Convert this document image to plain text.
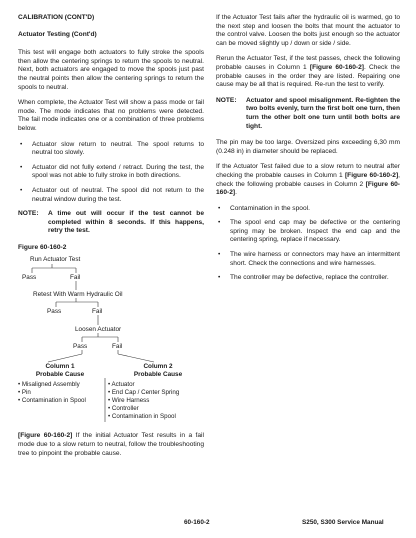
CALIBRATION (CONT'D)
Actuator Testing (Cont'd)

This test will engage both actuators to fully stroke the spools then allow the centering springs to return the spools to neutral. Next, both actuators are engaged to move the spools just past the neutral points then allow the centering springs to return the spools to neutral.

When complete, the Actuator Test will show a pass mode or fail mode. The mode indicates that no problems were detected. The fail mode indicates one or a combination of three problems below.

• Actuator slow return to neutral. The spool returns to neutral too slowly.
• Actuator did not fully extend / retract. During the test, the spool was not able to fully stroke in both directions.
• Actuator out of neutral. The spool did not return to the neutral window during the test.
NOTE:	A time out will occur if the test cannot be completed within 8 seconds. If this happens, retry the test.
Figure 60-160-2
Run Actuator Test
Pass	Fail
Retest With Warm Hydraulic Oil
Pass	Fail
Loosen Actuator
Pass	Fail
Column 1
Probable Cause
• Misaligned Assembly
• Pin
• Contamination in Spool
Column 2
Probable Cause
• Actuator
• End Cap / Center Spring
• Wire Harness
• Controller
• Contamination in Spool

[Figure 60-160-2] If the initial Actuator Test results in a fail mode due to a slow return to neutral, follow the troubleshooting tree to pinpoint the probable cause.

If the Actuator Test fails after the hydraulic oil is warmed, go to the next step and loosen the bolts that mount the actuator to the control valve. Loosen the bolts just enough so the actuator can be moved slightly up / down or side / side.

Rerun the Actuator Test, if the test passes, check the following probable causes in Column 1 [Figure 60-160-2]. Check the probable causes in the order they are listed. Repairing one cause may be all that is required. Re-run the test to verify.

NOTE:	Actuator and spool misalignment. Re-tighten the two bolts evenly, turn the first bolt one turn, then turn the other bolt one turn until both bolts are tight.

The pin may be too large. Oversized pins exceeding 6,30 mm (0.248 in) in diameter should be replaced.

If the Actuator Test failed due to a slow return to neutral after checking the probable causes in Column 1 [Figure 60-160-2], check the following probable causes in Column 2 [Figure 60-160-2].

• Contamination in the spool.
• The spool end cap may be defective or the centering spring may be broken. Inspect the end cap and the centering spring, replace if necessary.
• The wire harness or connectors may have an intermittent short. Check the connections and wire harnesses.
• The controller may be defective, replace the controller.
60-160-2	S250, S300 Service Manual
